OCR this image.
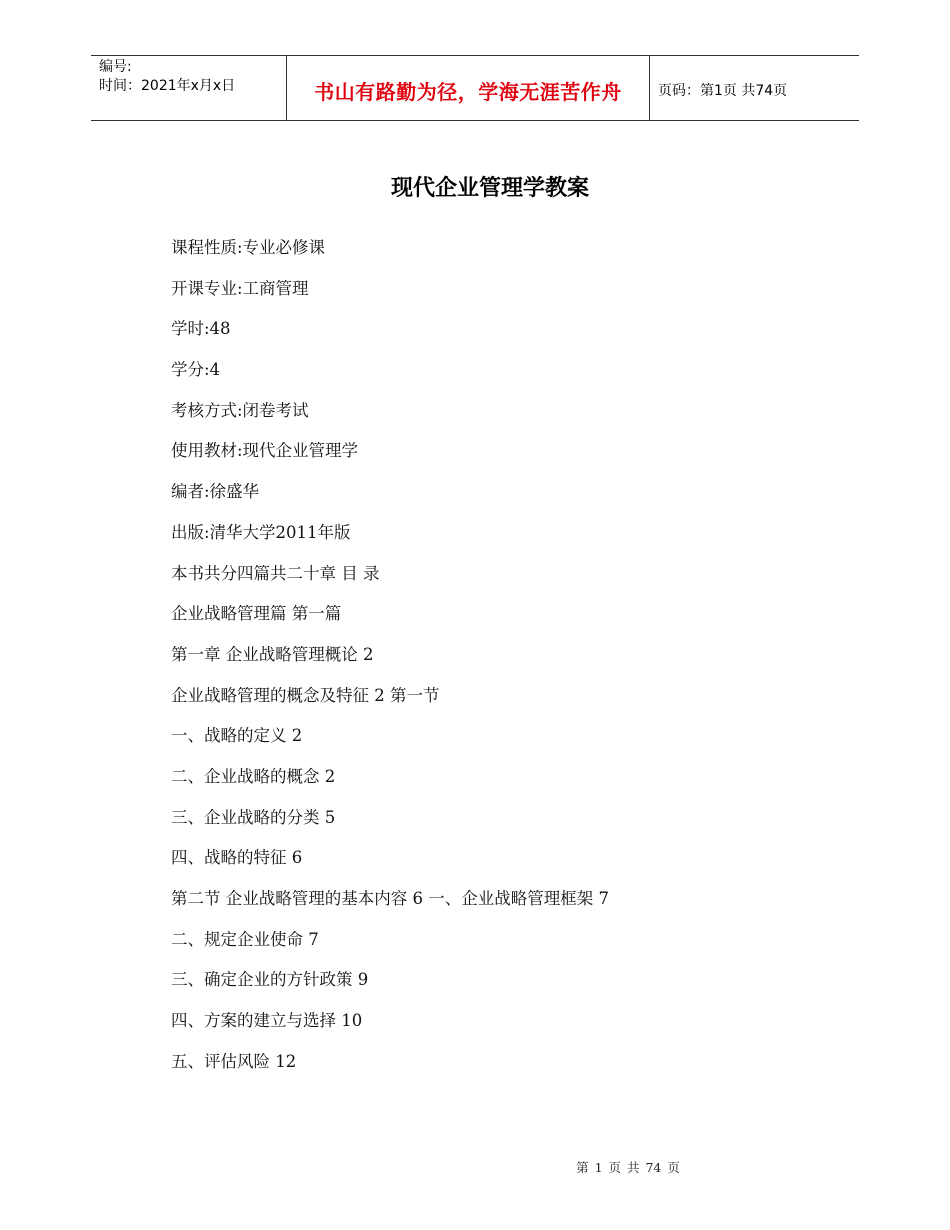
编号:
时间：2021年x月x日	书山有路勤为径，学海无涯苦作舟	页码：第1页 共74页
现代企业管理学教案
课程性质:专业必修课
开课专业:工商管理
学时:48
学分:4
考核方式:闭卷考试
使用教材:现代企业管理学
编者:徐盛华
出版:清华大学2011年版
本书共分四篇共二十章 目 录
企业战略管理篇 第一篇
第一章 企业战略管理概论 2
企业战略管理的概念及特征 2 第一节
一、战略的定义 2
二、企业战略的概念 2
三、企业战略的分类 5
四、战略的特征 6
第二节 企业战略管理的基本内容 6 一、企业战略管理框架 7
二、规定企业使命 7
三、确定企业的方针政策 9
四、方案的建立与选择 10
五、评估风险 12
第 1 页 共 74 页
